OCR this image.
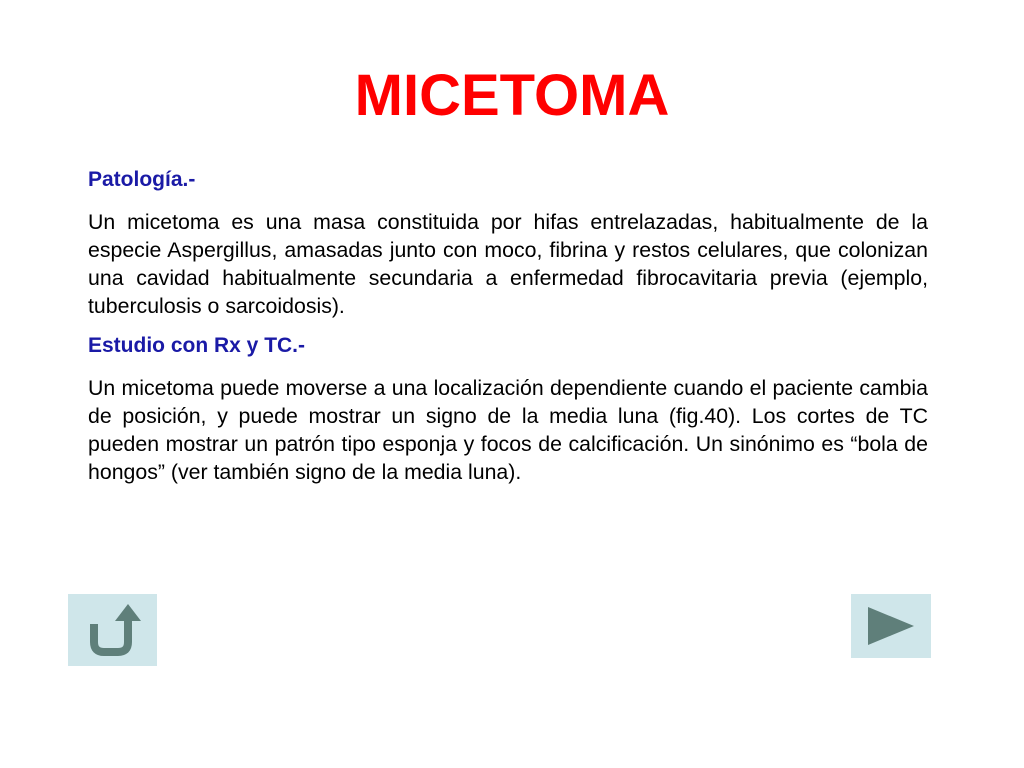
MICETOMA
Patología.-
Un micetoma es una masa constituida por hifas entrelazadas, habitualmente de la especie Aspergillus, amasadas junto con moco, fibrina y restos celulares, que colonizan una cavidad habitualmente secundaria a enfermedad fibrocavitaria previa (ejemplo, tuberculosis o sarcoidosis).
Estudio con Rx y TC.-
Un micetoma puede moverse a una localización dependiente cuando el paciente cambia de posición, y puede mostrar un signo de la media luna (fig.40). Los cortes de TC pueden mostrar un patrón tipo esponja y focos de calcificación. Un sinónimo es “bola de hongos” (ver también signo de la media luna).
